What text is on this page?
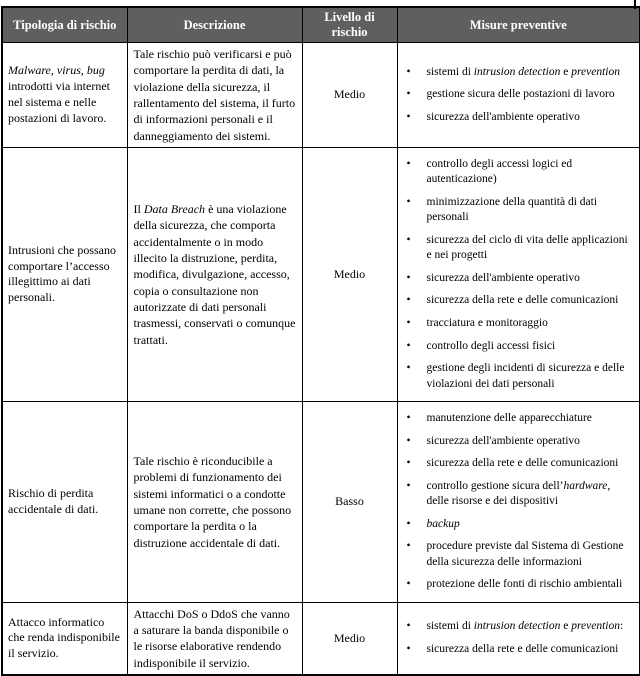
Tipologia di rischio	Descrizione	Livello di rischio	Misure preventive
Malware, virus, bug introdotti via internet nel sistema e nelle postazioni di lavoro.	Tale rischio può verificarsi e può comportare la perdita di dati, la violazione della sicurezza, il rallentamento del sistema, il furto di informazioni personali e il danneggiamento dei sistemi.	Medio	
• sistemi di intrusion detection e prevention
• gestione sicura delle postazioni di lavoro
• sicurezza dell'ambiente operativo

Intrusioni che possano comportare l’accesso illegittimo ai dati personali.	Il Data Breach è una violazione della sicurezza, che comporta accidentalmente o in modo illecito la distruzione, perdita, modifica, divulgazione, accesso, copia o consultazione non autorizzate di dati personali trasmessi, conservati o comunque trattati.	Medio	
• controllo degli accessi logici ed autenticazione)
• minimizzazione della quantità di dati personali
• sicurezza del ciclo di vita delle applicazioni e nei progetti
• sicurezza dell'ambiente operativo
• sicurezza della rete e delle comunicazioni
• tracciatura e monitoraggio
• controllo degli accessi fisici
• gestione degli incidenti di sicurezza e delle violazioni dei dati personali

Rischio di perdita accidentale di dati.	Tale rischio è riconducibile a problemi di funzionamento dei sistemi informatici o a condotte umane non corrette, che possono comportare la perdita o la distruzione accidentale di dati.	Basso	
• manutenzione delle apparecchiature
• sicurezza dell'ambiente operativo
• sicurezza della rete e delle comunicazioni
• controllo gestione sicura dell’hardware, delle risorse e dei dispositivi
• backup
• procedure previste dal Sistema di Gestione della sicurezza delle informazioni
• protezione delle fonti di rischio ambientali

Attacco informatico che renda indisponibile il servizio.	Attacchi DoS o DdoS che vanno a saturare la banda disponibile o le risorse elaborative rendendo indisponibile il servizio.	Medio	
• sistemi di intrusion detection e prevention:
• sicurezza della rete e delle comunicazioni
